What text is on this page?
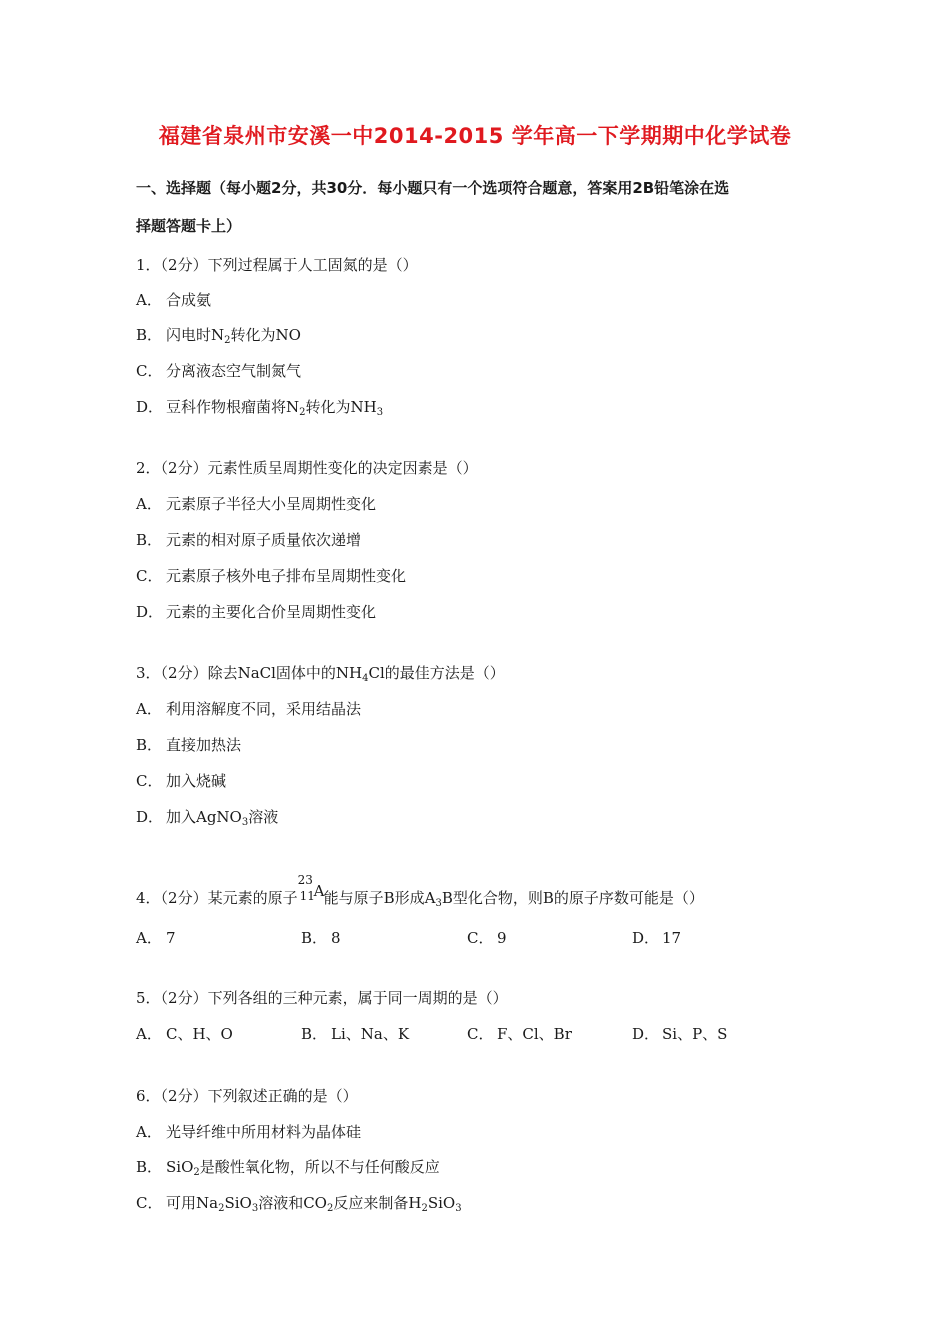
福建省泉州市安溪一中2014-2015 学年高一下学期期中化学试卷
一、选择题（每小题2分，共30分．每小题只有一个选项符合题意，答案用2B铅笔涂在选
择题答题卡上）
1．（2分）下列过程属于人工固氮的是（）
A． 合成氨
B． 闪电时$N_2$转化为NO
C． 分离液态空气制氮气
D． 豆科作物根瘤菌将$N_2$转化为$NH_3$
2．（2分）元素性质呈周期性变化的决定因素是（）
A． 元素原子半径大小呈周期性变化
B． 元素的相对原子质量依次递增
C． 元素原子核外电子排布呈周期性变化
D． 元素的主要化合价呈周期性变化
3．（2分）除去NaCl固体中的$NH_4Cl$的最佳方法是（）
A． 利用溶解度不同，采用结晶法
B． 直接加热法
C． 加入烧碱
D． 加入AgNO$_3$溶液
4．（2分）某元素的原子
23
11
A 能与原子B形成$A_3B$型化合物，则B的原子序数可能是（）
A． 7	B． 8	C． 9	D． 17
5．（2分）下列各组的三种元素，属于同一周期的是（）
A． C、H、O	B． Li、Na、K	C． F、Cl、Br	D． Si、P、S
6．（2分）下列叙述正确的是（）
A． 光导纤维中所用材料为晶体硅
B． SiO$_2$是酸性氧化物，所以不与任何酸反应
C． 可用$Na_2SiO_3$溶液和$CO_2$反应来制备$H_2SiO_3$
